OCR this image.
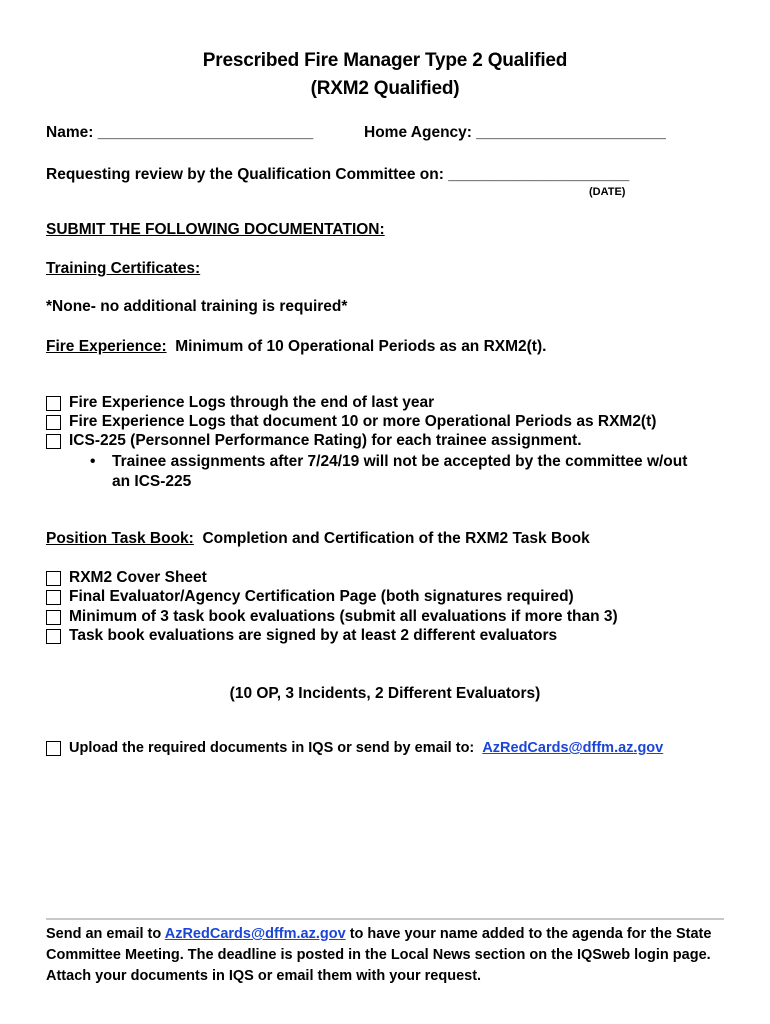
Prescribed Fire Manager Type 2 Qualified
(RXM2 Qualified)
Name: _________________________	Home Agency: ______________________
Requesting review by the Qualification Committee on: _____________________
(DATE)
SUBMIT THE FOLLOWING DOCUMENTATION:
Training Certificates:
*None- no additional training is required*
Fire Experience: Minimum of 10 Operational Periods as an RXM2(t).
Fire Experience Logs through the end of last year
Fire Experience Logs that document 10 or more Operational Periods as RXM2(t)
ICS-225 (Personnel Performance Rating) for each trainee assignment.
• Trainee assignments after 7/24/19 will not be accepted by the committee w/out an ICS-225
Position Task Book: Completion and Certification of the RXM2 Task Book
RXM2 Cover Sheet
Final Evaluator/Agency Certification Page (both signatures required)
Minimum of 3 task book evaluations (submit all evaluations if more than 3)
Task book evaluations are signed by at least 2 different evaluators
(10 OP, 3 Incidents, 2 Different Evaluators)
Upload the required documents in IQS or send by email to:
AzRedCards@dffm.az.gov
Send an email to AzRedCards@dffm.az.gov to have your name added to the agenda for the State Committee Meeting. The deadline is posted in the Local News section on the IQSweb login page. Attach your documents in IQS or email them with your request.
